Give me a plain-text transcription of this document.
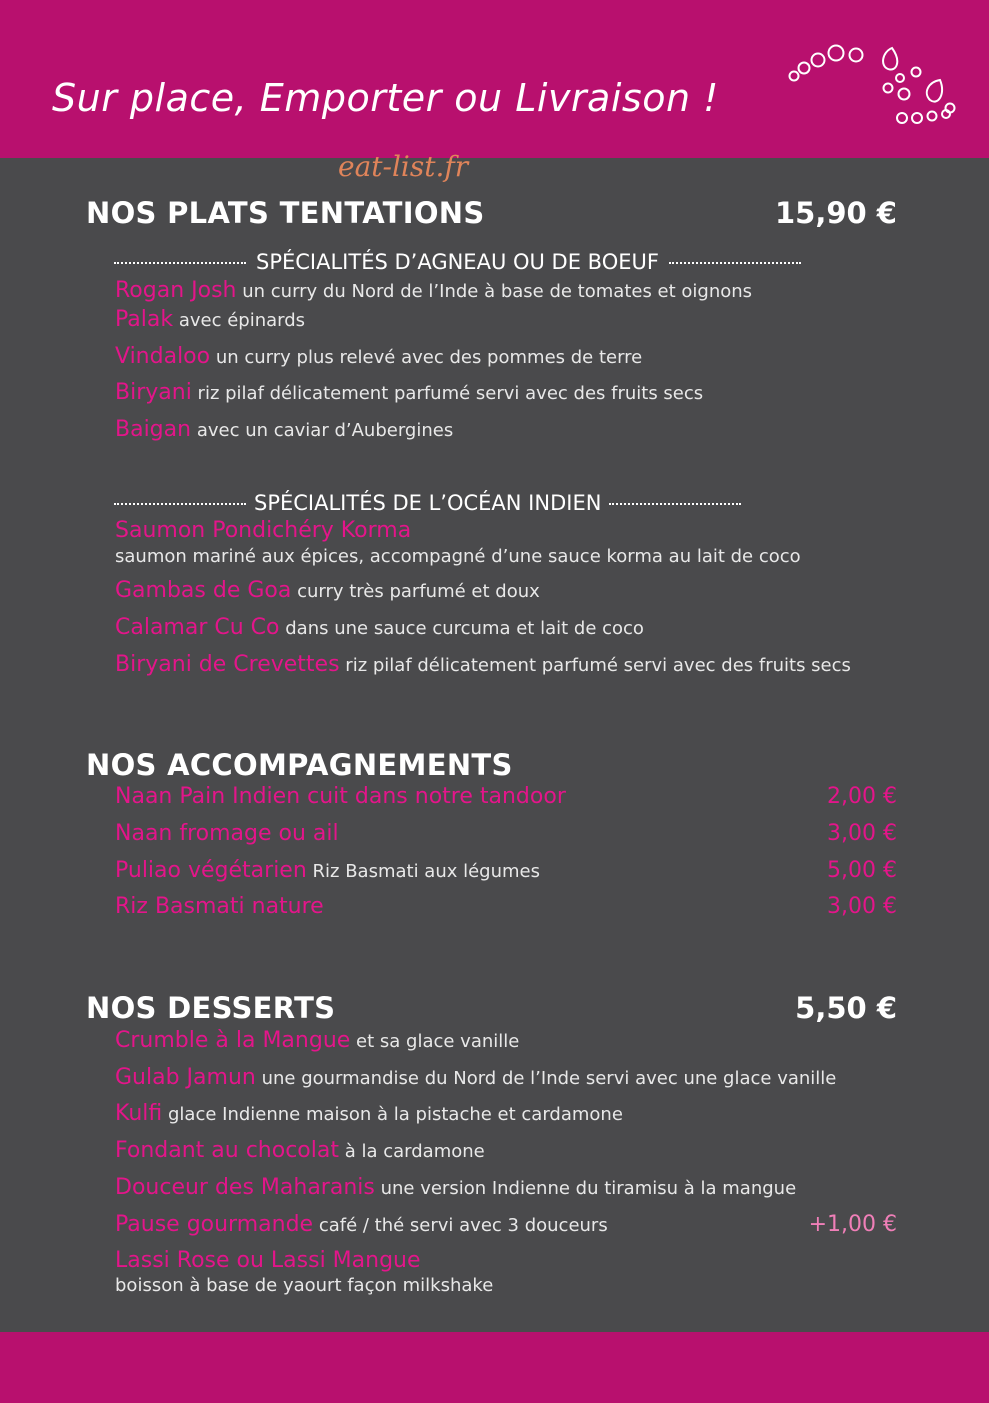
Sur place, Emporter ou Livraison !
eat-list.fr
NOS PLATS TENTATIONS	15,90 €
SPÉCIALITÉS D’AGNEAU OU DE BOEUF
Rogan Josh un curry du Nord de l’Inde à base de tomates et oignons
Palak avec épinards
Vindaloo un curry plus relevé avec des pommes de terre
Biryani riz pilaf délicatement parfumé servi avec des fruits secs
Baigan avec un caviar d’Aubergines
SPÉCIALITÉS DE L’OCÉAN INDIEN
Saumon Pondichéry Korma
saumon mariné aux épices, accompagné d’une sauce korma au lait de coco
Gambas de Goa curry très parfumé et doux
Calamar Cu Co dans une sauce curcuma et lait de coco
Biryani de Crevettes riz pilaf délicatement parfumé servi avec des fruits secs
NOS ACCOMPAGNEMENTS
Naan Pain Indien cuit dans notre tandoor	2,00 €
Naan fromage ou ail	3,00 €
Puliao végétarien Riz Basmati aux légumes	5,00 €
Riz Basmati nature	3,00 €
NOS DESSERTS	5,50 €
Crumble à la Mangue et sa glace vanille
Gulab Jamun une gourmandise du Nord de l’Inde servi avec une glace vanille
Kulfi glace Indienne maison à la pistache et cardamone
Fondant au chocolat à la cardamone
Douceur des Maharanis une version Indienne du tiramisu à la mangue
Pause gourmande café / thé servi avec 3 douceurs	+1,00 €
Lassi Rose ou Lassi Mangue
boisson à base de yaourt façon milkshake
